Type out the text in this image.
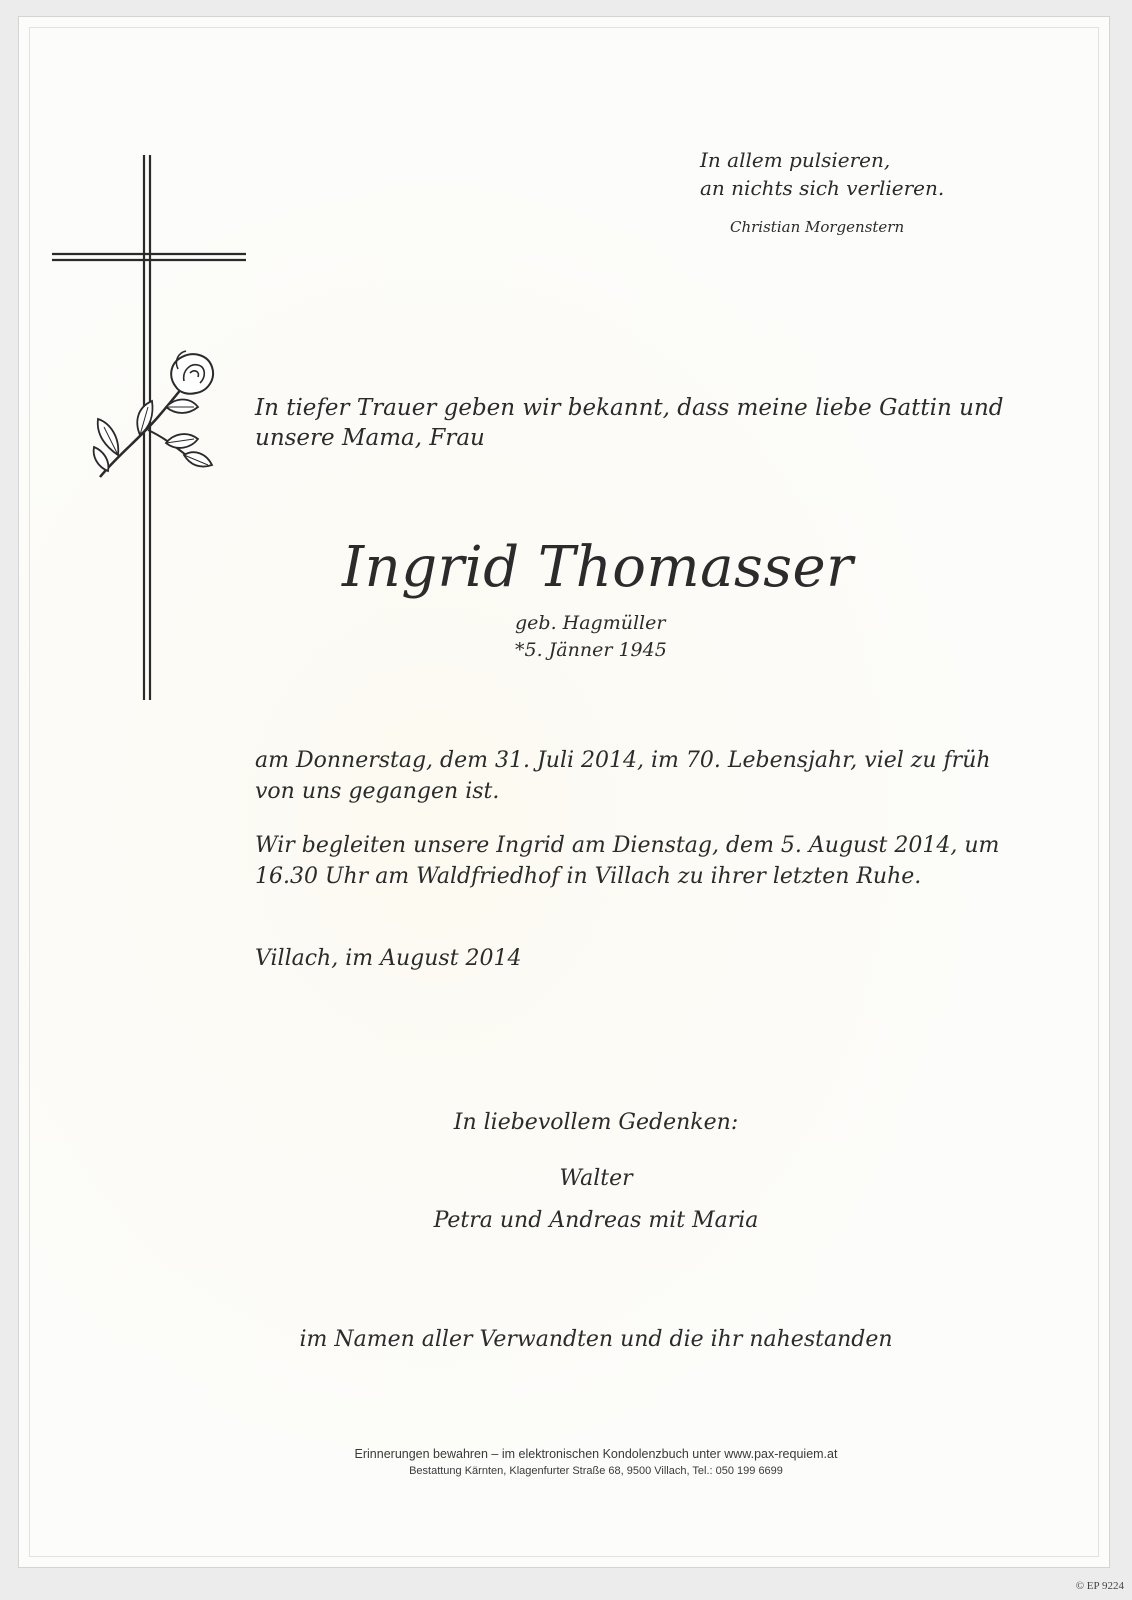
In allem pulsieren,
an nichts sich verlieren.
Christian Morgenstern
In tiefer Trauer geben wir bekannt, dass meine liebe Gattin und
unsere Mama, Frau
Ingrid Thomasser
geb. Hagmüller
*5. Jänner 1945
am Donnerstag, dem 31. Juli 2014, im 70. Lebensjahr, viel zu früh
von uns gegangen ist.
Wir begleiten unsere Ingrid am Dienstag, dem 5. August 2014, um
16.30 Uhr am Waldfriedhof in Villach zu ihrer letzten Ruhe.
Villach, im August 2014
In liebevollem Gedenken:
Walter
Petra und Andreas mit Maria
im Namen aller Verwandten und die ihr nahestanden
Erinnerungen bewahren – im elektronischen Kondolenzbuch unter www.pax-requiem.at
Bestattung Kärnten, Klagenfurter Straße 68, 9500 Villach, Tel.: 050 199 6699
© EP 9224
